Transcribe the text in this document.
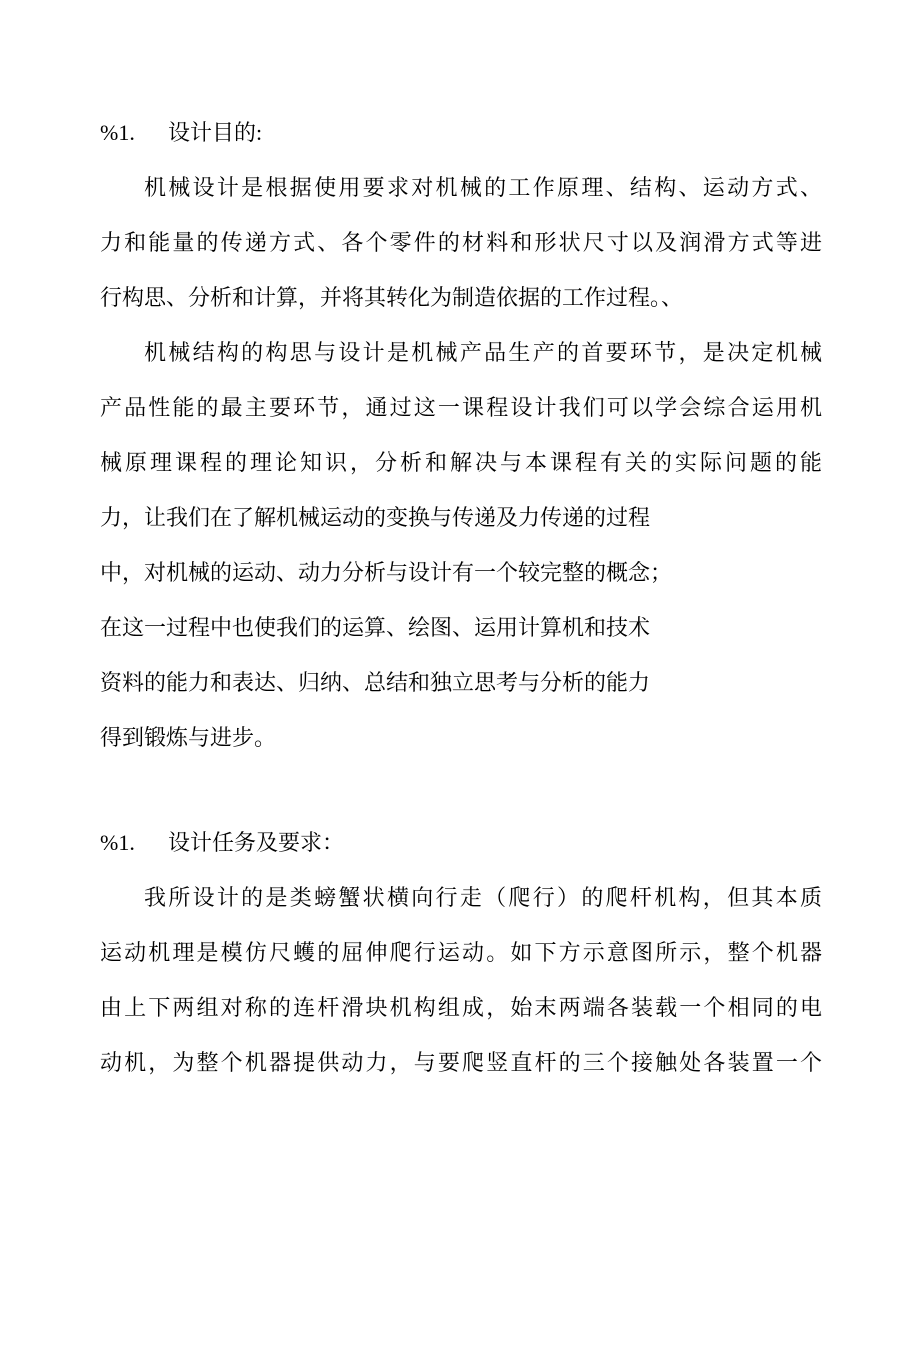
%1. 设计目的:
机械设计是根据使用要求对机械的工作原理、结构、运动方式、
力和能量的传递方式、各个零件的材料和形状尺寸以及润滑方式等进
行构思、分析和计算，并将其转化为制造依据的工作过程。、
机械结构的构思与设计是机械产品生产的首要环节，是决定机械
产品性能的最主要环节，通过这一课程设计我们可以学会综合运用机
械原理课程的理论知识，分析和解决与本课程有关的实际问题的能
力，让我们在了解机械运动的变换与传递及力传递的过程
中，对机械的运动、动力分析与设计有一个较完整的概念；
在这一过程中也使我们的运算、绘图、运用计算机和技术
资料的能力和表达、归纳、总结和独立思考与分析的能力
得到锻炼与进步。
%1. 设计任务及要求：
我所设计的是类螃蟹状横向行走（爬行）的爬杆机构，但其本质
运动机理是模仿尺蠖的屈伸爬行运动。如下方示意图所示，整个机器
由上下两组对称的连杆滑块机构组成，始末两端各装载一个相同的电
动机，为整个机器提供动力，与要爬竖直杆的三个接触处各装置一个
